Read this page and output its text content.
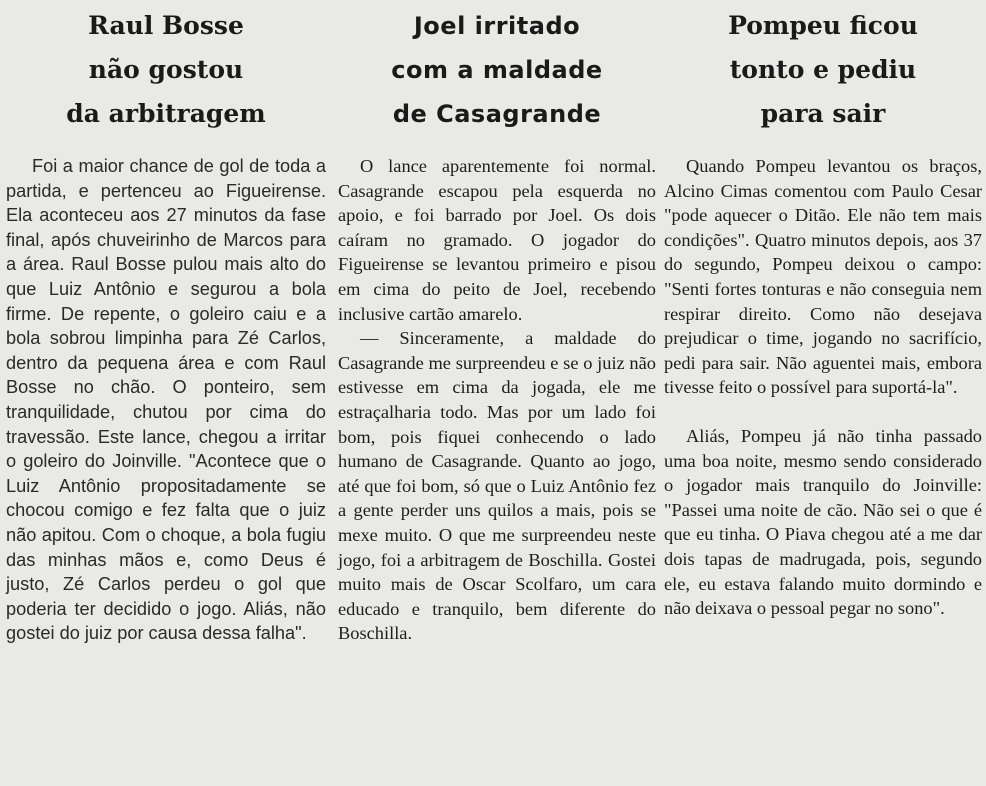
Raul Bosse
não gostou
da arbitragem

Foi a maior chance de gol de toda a partida, e pertenceu ao Figueirense. Ela aconteceu aos 27 minutos da fase final, após chuveirinho de Marcos para a área. Raul Bosse pulou mais alto do que Luiz Antônio e segurou a bola firme. De repente, o goleiro caiu e a bola sobrou limpinha para Zé Carlos, dentro da pequena área e com Raul Bosse no chão. O ponteiro, sem tranquilidade, chutou por cima do travessão. Este lance, chegou a irritar o goleiro do Joinville. "Acontece que o Luiz Antônio propositadamente se chocou comigo e fez falta que o juiz não apitou. Com o choque, a bola fugiu das minhas mãos e, como Deus é justo, Zé Carlos perdeu o gol que poderia ter decidido o jogo. Aliás, não gostei do juiz por causa dessa falha".

Joel irritado
com a maldade
de Casagrande

O lance aparentemente foi normal. Casagrande escapou pela esquerda no apoio, e foi barrado por Joel. Os dois caíram no gramado. O jogador do Figueirense se levantou primeiro e pisou em cima do peito de Joel, recebendo inclusive cartão amarelo.

— Sinceramente, a maldade do Casagrande me surpreendeu e se o juiz não estivesse em cima da jogada, ele me estraçalharia todo. Mas por um lado foi bom, pois fiquei conhecendo o lado humano de Casagrande. Quanto ao jogo, até que foi bom, só que o Luiz Antônio fez a gente perder uns quilos a mais, pois se mexe muito. O que me surpreendeu neste jogo, foi a arbitragem de Boschilla. Gostei muito mais de Oscar Scolfaro, um cara educado e tranquilo, bem diferente do Boschilla.

Pompeu ficou
tonto e pediu
para sair

Quando Pompeu levantou os braços, Alcino Cimas comentou com Paulo Cesar "pode aquecer o Ditão. Ele não tem mais condições". Quatro minutos depois, aos 37 do segundo, Pompeu deixou o campo: "Senti fortes tonturas e não conseguia nem respirar direito. Como não desejava prejudicar o time, jogando no sacrifício, pedi para sair. Não aguentei mais, embora tivesse feito o possível para suportá-la".

Aliás, Pompeu já não tinha passado uma boa noite, mesmo sendo considerado o jogador mais tranquilo do Joinville: "Passei uma noite de cão. Não sei o que é que eu tinha. O Piava chegou até a me dar dois tapas de madrugada, pois, segundo ele, eu estava falando muito dormindo e não deixava o pessoal pegar no sono".
